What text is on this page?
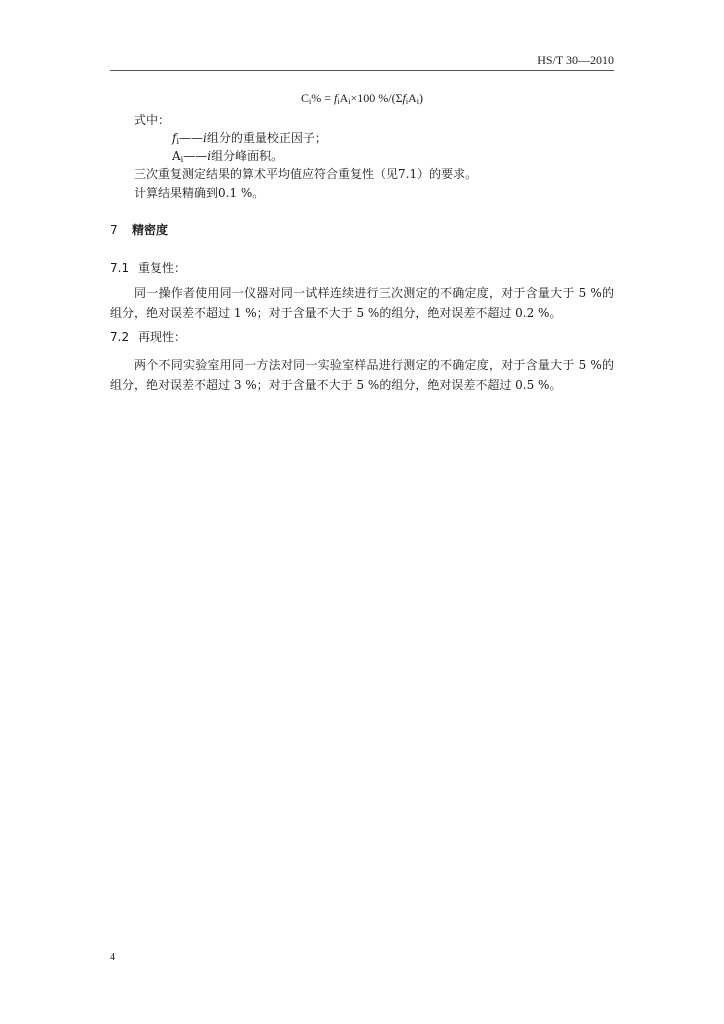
HS/T 30—2010
$C_i\% = f_iA_i\times 100$ $\%/(\Sigma f_iA_i)$
式中：
$f_i——i$组分的重量校正因子；
$A_i——i$组分峰面积。
三次重复测定结果的算术平均值应符合重复性（见7.1）的要求。
计算结果精确到0.1 %。
7 精密度
7.1 重复性：
同一操作者使用同一仪器对同一试样连续进行三次测定的不确定度，对于含量大于 5 %的组分，绝对误差不超过 1 %；对于含量不大于 5 %的组分，绝对误差不超过 0.2 %。
7.2 再现性：
两个不同实验室用同一方法对同一实验室样品进行测定的不确定度，对于含量大于 5 %的组分，绝对误差不超过 3 %；对于含量不大于 5 %的组分，绝对误差不超过 0.5 %。
4
